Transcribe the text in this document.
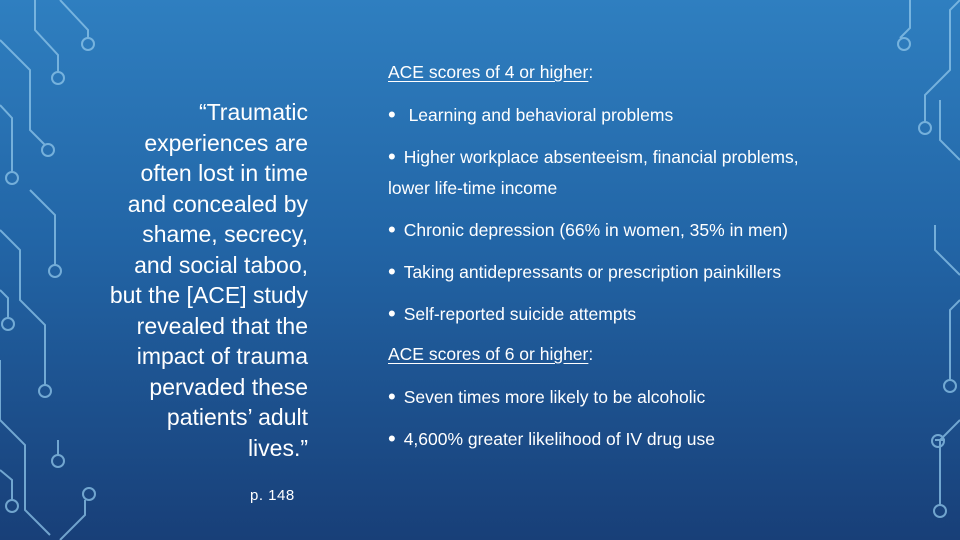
“Traumatic
experiences are
often lost in time
and concealed by
shame, secrecy,
and social taboo,
but the [ACE] study
revealed that the
impact of trauma
pervaded these
patients’ adult
lives.”
p. 148
ACE scores of 4 or higher:
• Learning and behavioral problems
• Higher workplace absenteeism, financial problems,
lower life-time income
• Chronic depression (66% in women, 35% in men)
• Taking antidepressants or prescription painkillers
• Self-reported suicide attempts
ACE scores of 6 or higher:
• Seven times more likely to be alcoholic
• 4,600% greater likelihood of IV drug use
